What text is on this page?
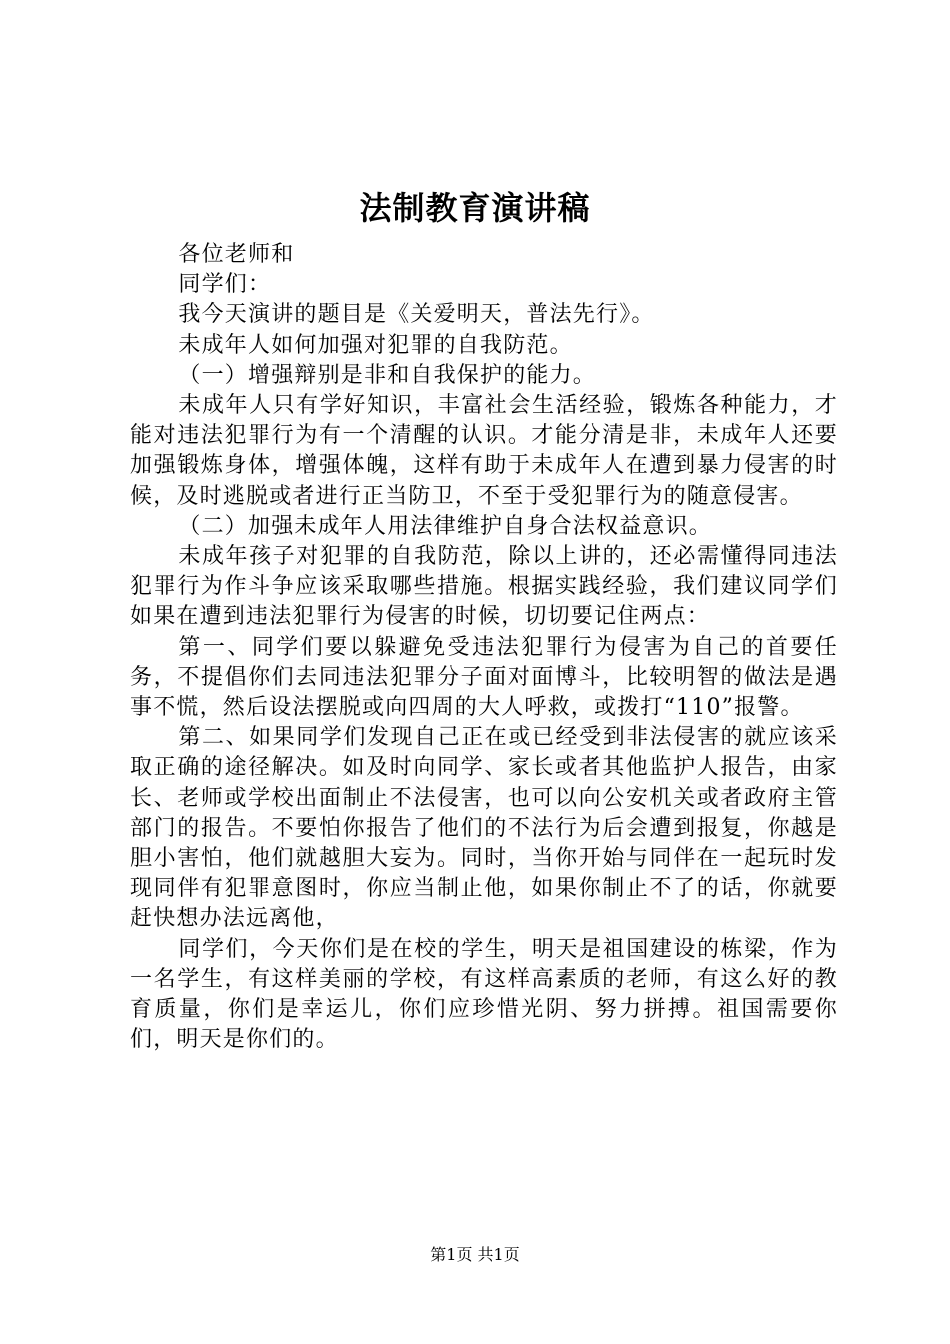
法制教育演讲稿

各位老师和

同学们：

我今天演讲的题目是《关爱明天，普法先行》。

未成年人如何加强对犯罪的自我防范。

（一）增强辩别是非和自我保护的能力。

未成年人只有学好知识，丰富社会生活经验，锻炼各种能力，才能对违法犯罪行为有一个清醒的认识。才能分清是非，未成年人还要加强锻炼身体，增强体魄，这样有助于未成年人在遭到暴力侵害的时候，及时逃脱或者进行正当防卫，不至于受犯罪行为的随意侵害。

（二）加强未成年人用法律维护自身合法权益意识。

未成年孩子对犯罪的自我防范，除以上讲的，还必需懂得同违法犯罪行为作斗争应该采取哪些措施。根据实践经验，我们建议同学们如果在遭到违法犯罪行为侵害的时候，切切要记住两点：

第一、同学们要以躲避免受违法犯罪行为侵害为自己的首要任务，不提倡你们去同违法犯罪分子面对面博斗，比较明智的做法是遇事不慌，然后设法摆脱或向四周的大人呼救，或拨打“110”报警。

第二、如果同学们发现自己正在或已经受到非法侵害的就应该采取正确的途径解决。如及时向同学、家长或者其他监护人报告，由家长、老师或学校出面制止不法侵害，也可以向公安机关或者政府主管部门的报告。不要怕你报告了他们的不法行为后会遭到报复，你越是胆小害怕，他们就越胆大妄为。同时，当你开始与同伴在一起玩时发现同伴有犯罪意图时，你应当制止他，如果你制止不了的话，你就要赶快想办法远离他，

同学们，今天你们是在校的学生，明天是祖国建设的栋梁，作为一名学生，有这样美丽的学校，有这样高素质的老师，有这么好的教育质量，你们是幸运儿，你们应珍惜光阴、努力拼搏。祖国需要你们，明天是你们的。

第1页 共1页
